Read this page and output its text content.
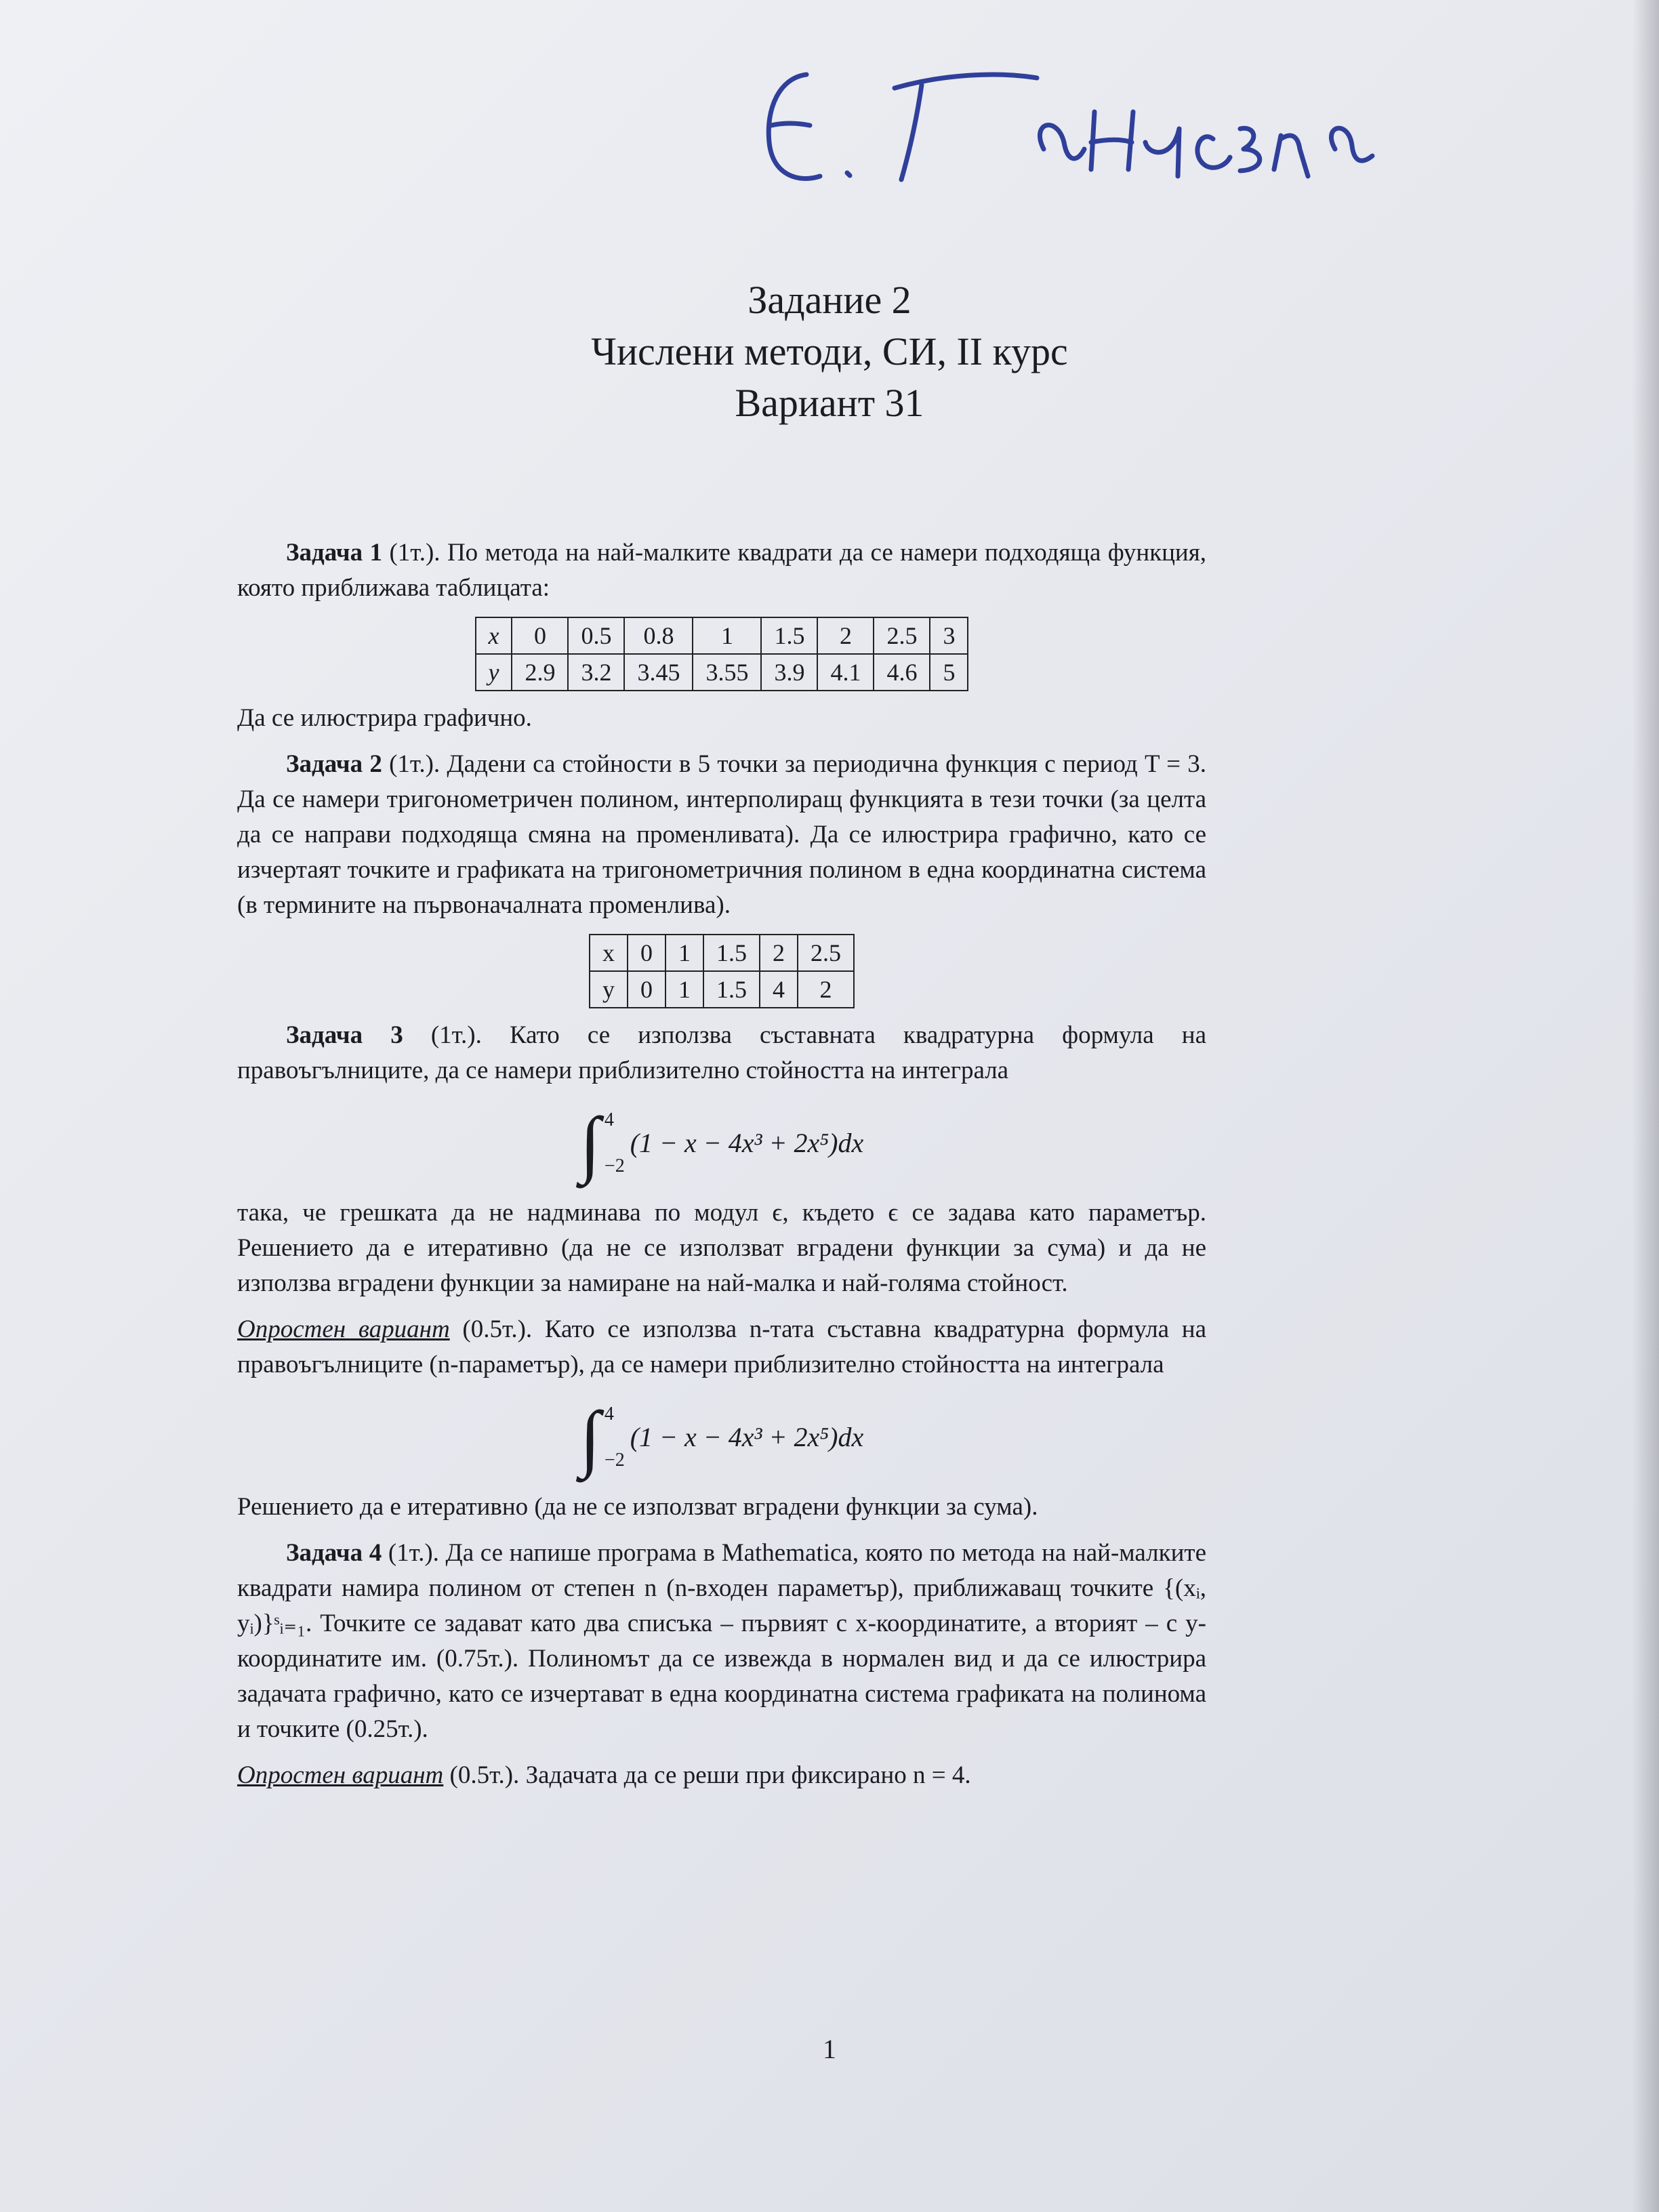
Задание 2
Числени методи, СИ, II курс
Вариант 31

Задача 1 (1т.). По метода на най-малките квадрати да се намери подходяща функция, която приближава таблицата:

x	0	0.5	0.8	1	1.5	2	2.5	3
y	2.9	3.2	3.45	3.55	3.9	4.1	4.6	5

Да се илюстрира графично.

Задача 2 (1т.). Дадени са стойности в 5 точки за периодична функция с период T = 3. Да се намери тригонометричен полином, интерполиращ функцията в тези точки (за целта да се направи подходяща смяна на променливата). Да се илюстрира графично, като се изчертаят точките и графиката на тригонометричния полином в една координатна система (в термините на първоначалната променлива).

x	0	1	1.5	2	2.5
y	0	1	1.5	4	2

Задача 3 (1т.). Като се използва съставната квадратурна формула на правоъгълниците, да се намери приблизително стойността на интеграла

∫ 4
−2
(1 − x − 4x³ + 2x⁵)dx

така, че грешката да не надминава по модул ϵ, където ϵ се задава като параметър. Решението да е итеративно (да не се използват вградени функции за сума) и да не използва вградени функции за намиране на най-малка и най-голяма стойност.

Опростен вариант (0.5т.). Като се използва n-тата съставна квадратурна формула на правоъгълниците (n-параметър), да се намери приблизително стойността на интеграла

∫ 4
−2
(1 − x − 4x³ + 2x⁵)dx

Решението да е итеративно (да не се използват вградени функции за сума).

Задача 4 (1т.). Да се напише програма в Mathematica, която по метода на най-малките квадрати намира полином от степен n (n-входен параметър), приближаващ точките {(xᵢ, yᵢ)}ˢᵢ₌₁. Точките се задават като два списъка – първият с x-координатите, а вторият – с y-координатите им. (0.75т.). Полиномът да се извежда в нормален вид и да се илюстрира задачата графично, като се изчертават в една координатна система графиката на полинома и точките (0.25т.).

Опростен вариант (0.5т.). Задачата да се реши при фиксирано n = 4.

1
